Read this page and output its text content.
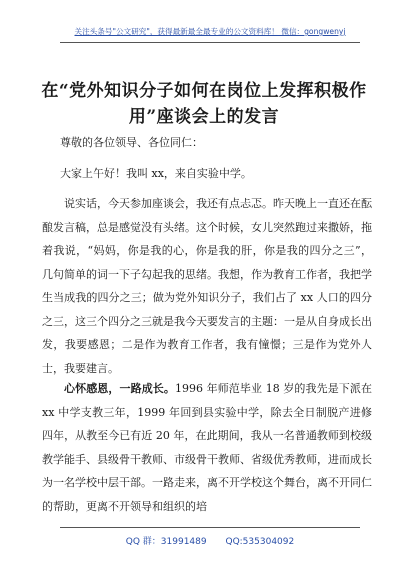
关注头条号"公文研究"，获得最新最全最专业的公文资料库！ 微信：gongwenyj
在“党外知识分子如何在岗位上发挥积极作用”座谈会上的发言
尊敬的各位领导、各位同仁：
大家上午好！我叫 xx，来自实验中学。
说实话，今天参加座谈会，我还有点忐忑。昨天晚上一直还在酝酿发言稿，总是感觉没有头绪。这个时候，女儿突然跑过来撒娇，拖着我说，“妈妈，你是我的心，你是我的肝，你是我的四分之三”，几句简单的词一下子勾起我的思绪。我想，作为教育工作者，我把学生当成我的四分之三；做为党外知识分子，我们占了 xx 人口的四分之三，这三个四分之三就是我今天要发言的主题：一是从自身成长出发，我要感恩；二是作为教育工作者，我有憧憬；三是作为党外人士，我要建言。
心怀感恩，一路成长。1996 年师范毕业 18 岁的我先是下派在 xx 中学支教三年，1999 年回到县实验中学，除去全日制脱产进修四年，从教至今已有近 20 年，在此期间，我从一名普通教师到校级教学能手、县级骨干教师、市级骨干教师、省级优秀教师，进而成长为一名学校中层干部。一路走来，离不开学校这个舞台，离不开同仁的帮助，更离不开领导和组织的培
QQ 群：31991489 QQ:535304092
